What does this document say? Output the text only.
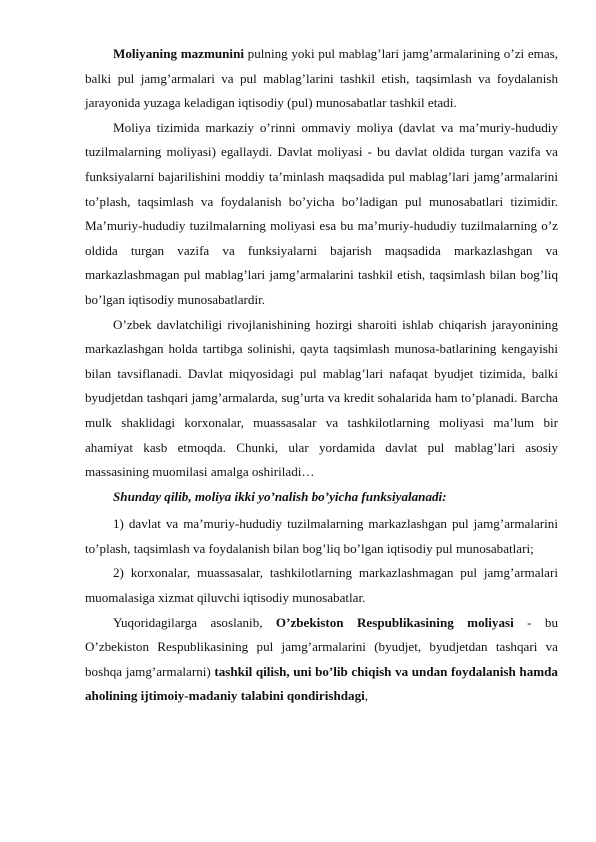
Moliyaning mazmunini pulning yoki pul mablag’lari jamg’armalarining o’zi emas, balki pul jamg’armalari va pul mablag’larini tashkil etish, taqsimlash va foydalanish jarayonida yuzaga keladigan iqtisodiy (pul) munosabatlar tashkil etadi.

Moliya tizimida markaziy o’rinni ommaviy moliya (davlat va ma’muriy-hududiy tuzilmalarning moliyasi) egallaydi. Davlat moliyasi - bu davlat oldida turgan vazifa va funksiyalarni bajarilishini moddiy ta’minlash maqsadida pul mablag’lari jamg’armalarini to’plash, taqsimlash va foydalanish bo’yicha bo’ladigan pul munosabatlari tizimidir. Ma’muriy-hududiy tuzilmalarning moliyasi esa bu ma’muriy-hududiy tuzilmalarning o’z oldida turgan vazifa va funksiyalarni bajarish maqsadida markazlashgan va markazlashmagan pul mablag’lari jamg’armalarini tashkil etish, taqsimlash bilan bog’liq bo’lgan iqtisodiy munosabatlardir.

O’zbek davlatchiligi rivojlanishining hozirgi sharoiti ishlab chiqarish jarayonining markazlashgan holda tartibga solinishi, qayta taqsimlash munosa-batlarining kengayishi bilan tavsiflanadi. Davlat miqyosidagi pul mablag’lari nafaqat byudjet tizimida, balki byudjetdan tashqari jamg’armalarda, sug’urta va kredit sohalarida ham to’planadi. Barcha mulk shaklidagi korxonalar, muassasalar va tashkilotlarning moliyasi ma’lum bir ahamiyat kasb etmoqda. Chunki, ular yordamida davlat pul mablag’lari asosiy massasining muomilasi amalga oshiriladi…

Shunday qilib, moliya ikki yo’nalish bo’yicha funksiyalanadi:

1) davlat va ma’muriy-hududiy tuzilmalarning markazlashgan pul jamg’armalarini to’plash, taqsimlash va foydalanish bilan bog’liq bo’lgan iqtisodiy pul munosabatlari;

2) korxonalar, muassasalar, tashkilotlarning markazlashmagan pul jamg’armalari muomalasiga xizmat qiluvchi iqtisodiy munosabatlar.

Yuqoridagilarga asoslanib, O’zbekiston Respublikasining moliyasi - bu O’zbekiston Respublikasining pul jamg’armalarini (byudjet, byudjetdan tashqari va boshqa jamg’armalarni) tashkil qilish, uni bo’lib chiqish va undan foydalanish hamda aholining ijtimoiy-madaniy talabini qondirishdagi,
